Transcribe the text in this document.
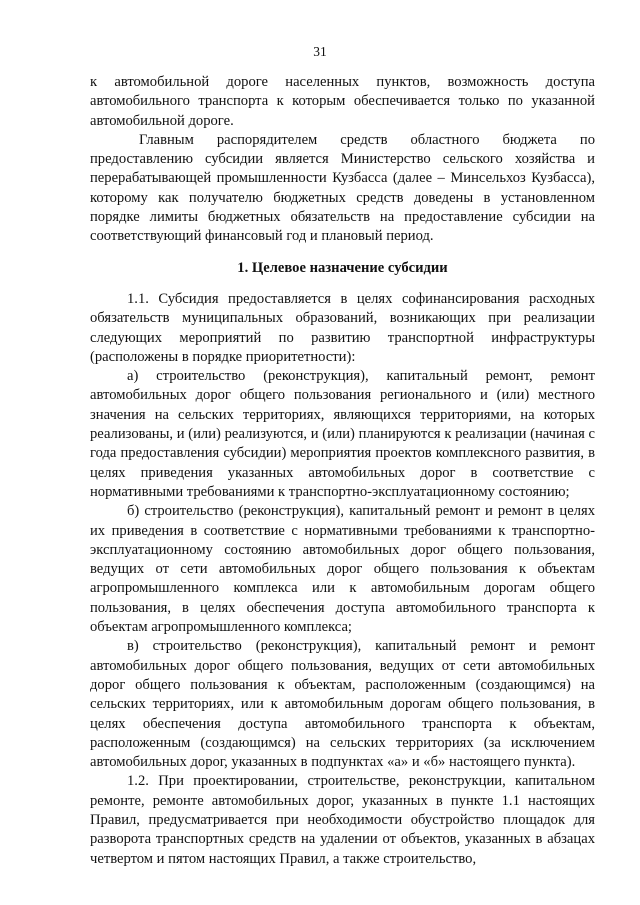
31

к автомобильной дороге населенных пунктов, возможность доступа автомобильного транспорта к которым обеспечивается только по указанной автомобильной дороге.

Главным распорядителем средств областного бюджета по предоставлению субсидии является Министерство сельского хозяйства и перерабатывающей промышленности Кузбасса (далее – Минсельхоз Кузбасса), которому как получателю бюджетных средств доведены в установленном порядке лимиты бюджетных обязательств на предоставление субсидии на соответствующий финансовый год и плановый период.

1. Целевое назначение субсидии

1.1. Субсидия предоставляется в целях софинансирования расходных обязательств муниципальных образований, возникающих при реализации следующих мероприятий по развитию транспортной инфраструктуры (расположены в порядке приоритетности):

а) строительство (реконструкция), капитальный ремонт, ремонт автомобильных дорог общего пользования регионального и (или) местного значения на сельских территориях, являющихся территориями, на которых реализованы, и (или) реализуются, и (или) планируются к реализации (начиная с года предоставления субсидии) мероприятия проектов комплексного развития, в целях приведения указанных автомобильных дорог в соответствие с нормативными требованиями к транспортно-эксплуатационному состоянию;

б) строительство (реконструкция), капитальный ремонт и ремонт в целях их приведения в соответствие с нормативными требованиями к транспортно-эксплуатационному состоянию автомобильных дорог общего пользования, ведущих от сети автомобильных дорог общего пользования к объектам агропромышленного комплекса или к автомобильным дорогам общего пользования, в целях обеспечения доступа автомобильного транспорта к объектам агропромышленного комплекса;

в) строительство (реконструкция), капитальный ремонт и ремонт автомобильных дорог общего пользования, ведущих от сети автомобильных дорог общего пользования к объектам, расположенным (создающимся) на сельских территориях, или к автомобильным дорогам общего пользования, в целях обеспечения доступа автомобильного транспорта к объектам, расположенным (создающимся) на сельских территориях (за исключением автомобильных дорог, указанных в подпунктах «а» и «б» настоящего пункта).

1.2. При проектировании, строительстве, реконструкции, капитальном ремонте, ремонте автомобильных дорог, указанных в пункте 1.1 настоящих Правил, предусматривается при необходимости обустройство площадок для разворота транспортных средств на удалении от объектов, указанных в абзацах четвертом и пятом настоящих Правил, а также строительство,
